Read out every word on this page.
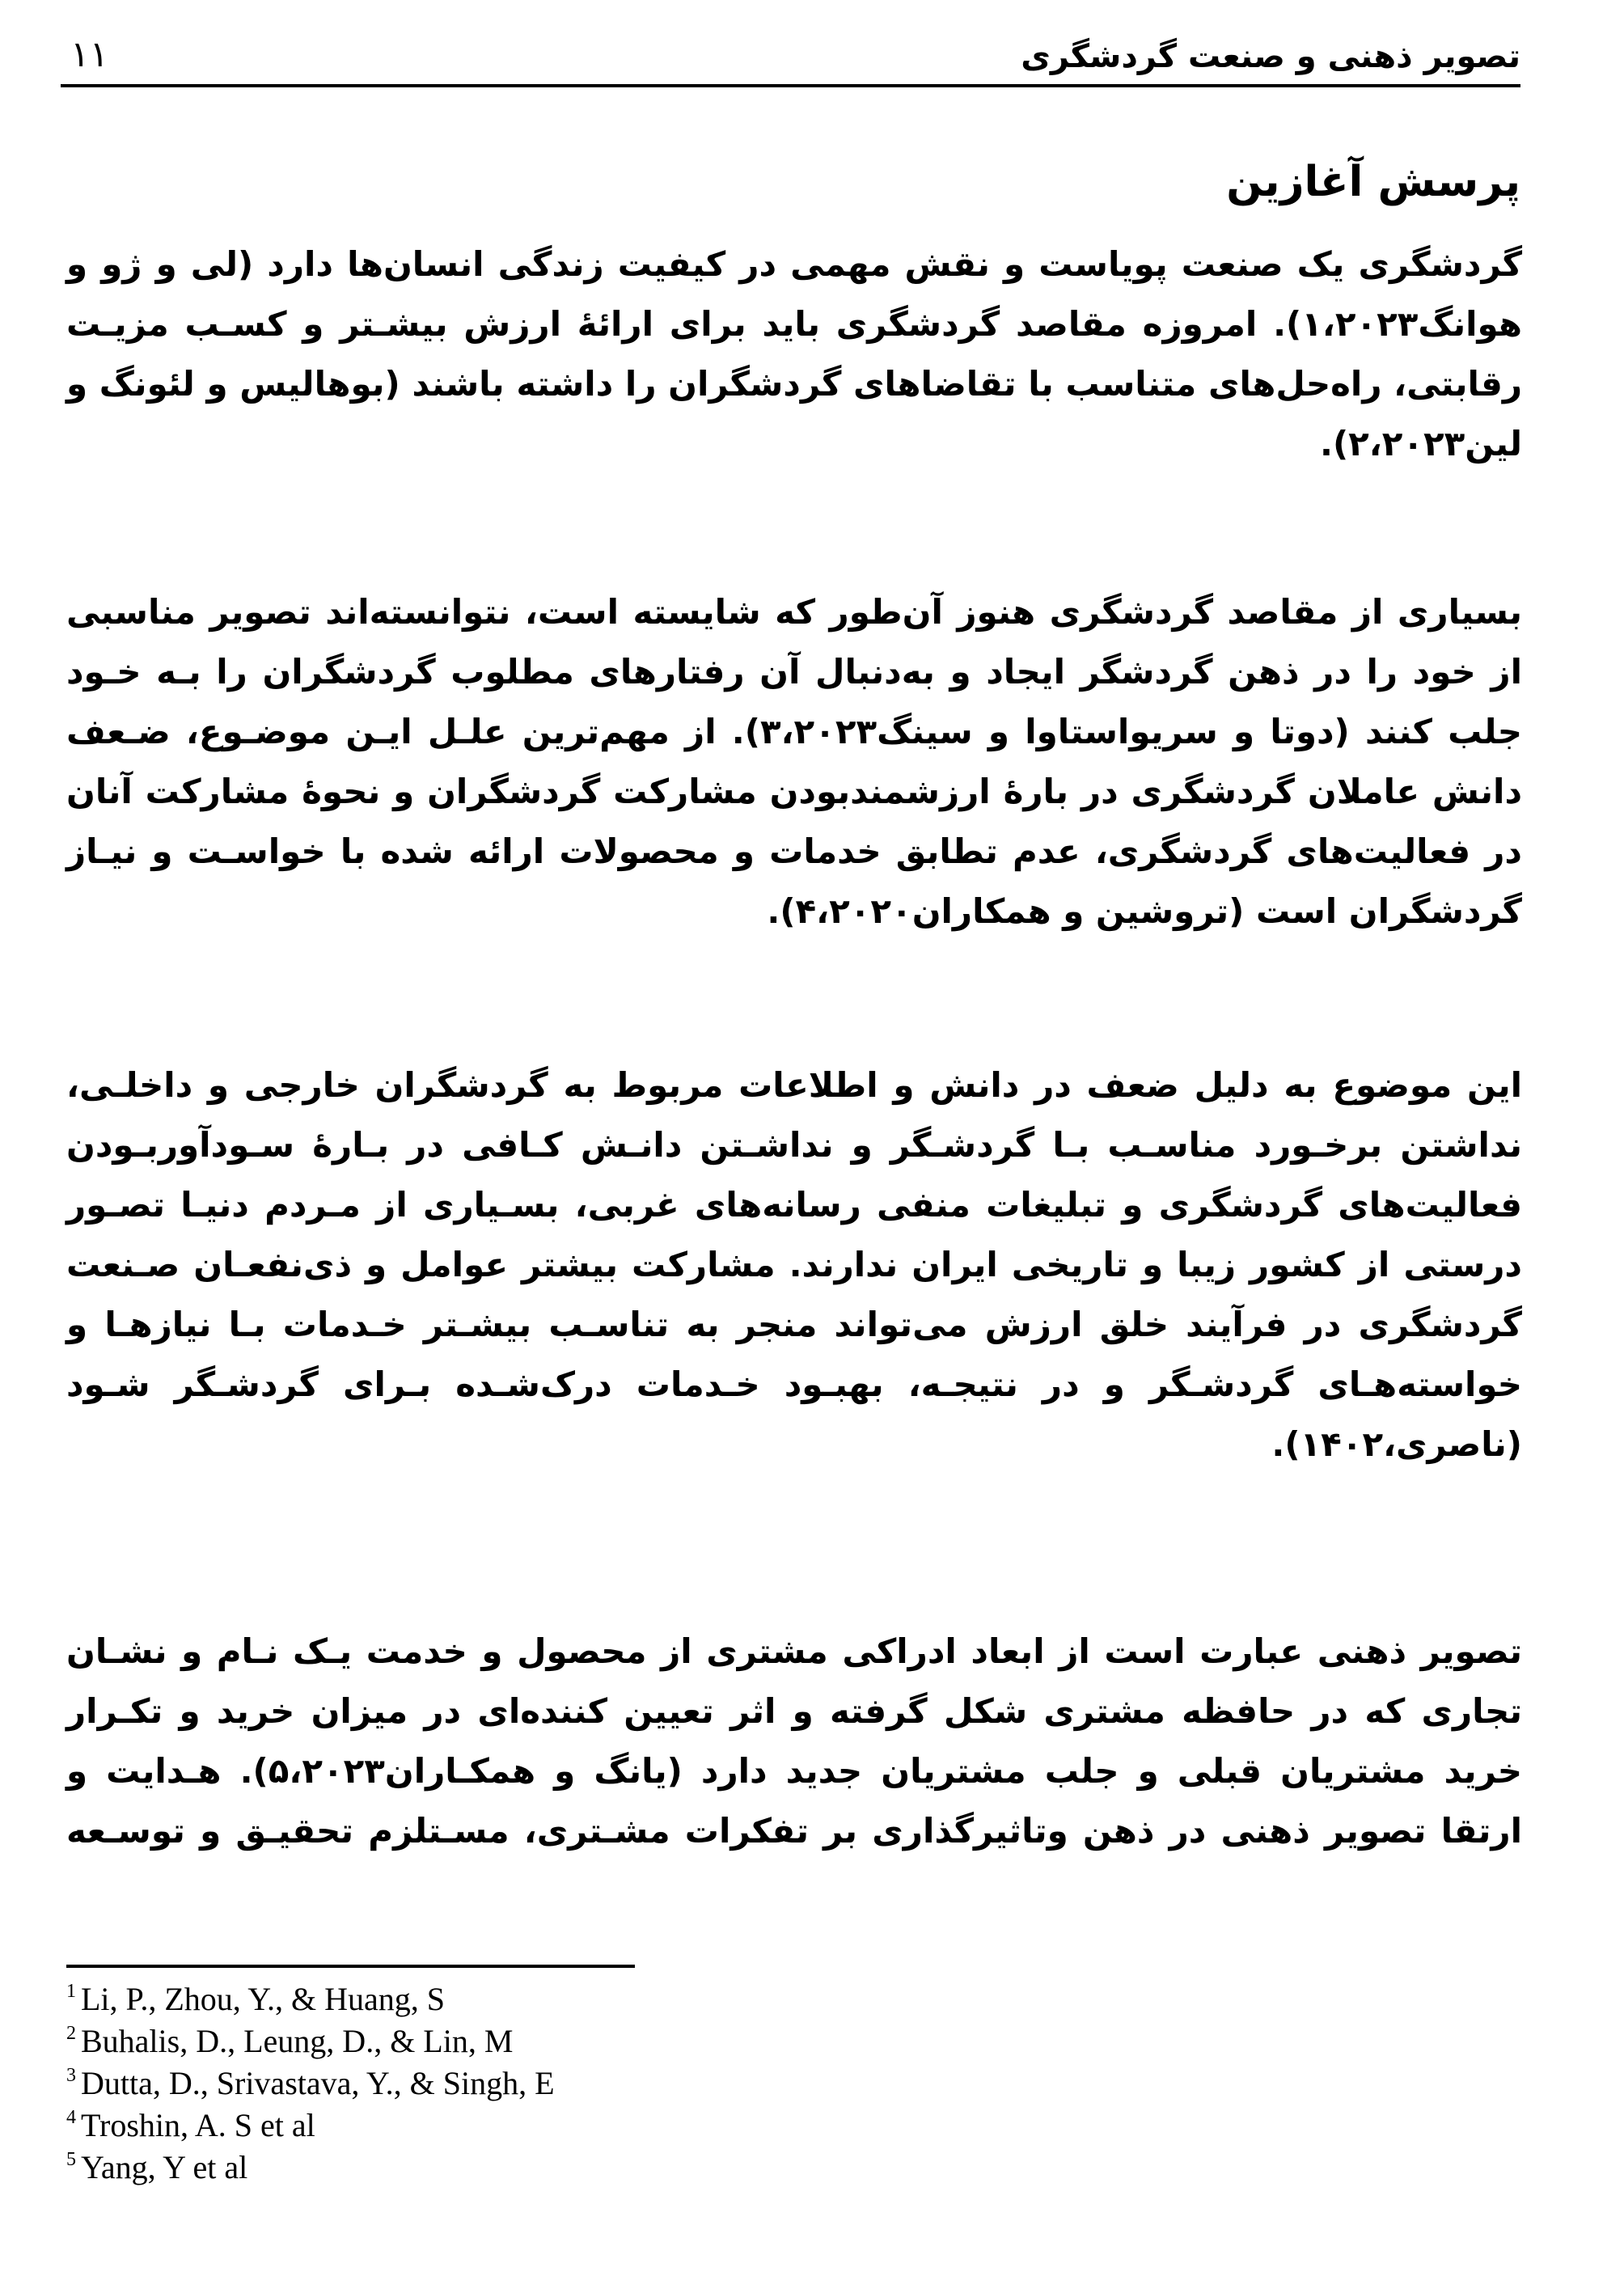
تصویر ذهنی و صنعت گردشگری
۱۱
پرسش آغازین

گردشگری یک صنعت پویاست و نقش مهمی در کیفیت زندگی انسان‌ها دارد (لی و ژو و
هوانگ۱،۲۰۲۳). امروزه مقاصد گردشگری باید برای ارائهٔ ارزش بیشـتر و کسـب مزیـت
رقابتی، راه‌حل‌های متناسب با تقاضاهای گردشگران را داشته باشند (بوهالیس و لئونگ و
لین۲،۲۰۲۳).

بسیاری از مقاصد گردشگری هنوز آن‌طور که شایسته است، نتوانسته‌اند تصویر مناسبی
از خود را در ذهن گردشگر ایجاد و به‌دنبال آن رفتارهای مطلوب گردشگران را بـه خـود
جلب کنند (دوتا و سریواستاوا و سینگ۳،۲۰۲۳). از مهم‌ترین علـل ایـن موضـوع، ضـعف
دانش عاملان گردشگری در بارهٔ ارزشمندبودن مشارکت گردشگران و نحوهٔ مشارکت آنان
در فعالیت‌های گردشگری، عدم تطابق خدمات و محصولات ارائه شده با خواسـت و نیـاز
گردشگران است (تروشین و همکاران۴،۲۰۲۰).

این موضوع به دلیل ضعف در دانش و اطلاعات مربوط به گردشگران خارجی و داخلـی،
نداشتن برخـورد مناسـب بـا گردشـگر و نداشـتن دانـش کـافی در بـارهٔ سـودآوربـودن
فعالیت‌های گردشگری و تبلیغات منفی رسانه‌های غربی، بسـیاری از مـردم دنیـا تصـور
درستی از کشور زیبا و تاریخی ایران ندارند. مشارکت بیشتر عوامل و ذی‌نفعـان صـنعت
گردشگری در فرآیند خلق ارزش می‌تواند منجر به تناسـب بیشـتر خـدمات بـا نیازهـا و
خواسته‌هـای گردشـگر و در نتیجـه، بهبـود خـدمات درک‌شـده بـرای گردشـگر شـود
(ناصری،۱۴۰۲).

تصویر ذهنی عبارت است از ابعاد ادراکی مشتری از محصول و خدمت یـک نـام و نشـان
تجاری که در حافظه مشتری شکل گرفته و اثر تعیین کننده‌ای در میزان خرید و تکـرار
خرید مشتریان قبلی و جلب مشتریان جدید دارد (یانگ و همکـاران۵،۲۰۲۳). هـدایت و
ارتقا تصویر ذهنی در ذهن وتاثیرگذاری بر تفکرات مشـتری، مسـتلزم تحقیـق و توسـعه

$^1$ Li, P., Zhou, Y., & Huang, S
$^2$ Buhalis, D., Leung, D., & Lin, M
$^3$ Dutta, D., Srivastava, Y., & Singh, E
$^4$ Troshin, A. S et al
$^5$ Yang, Y et al
